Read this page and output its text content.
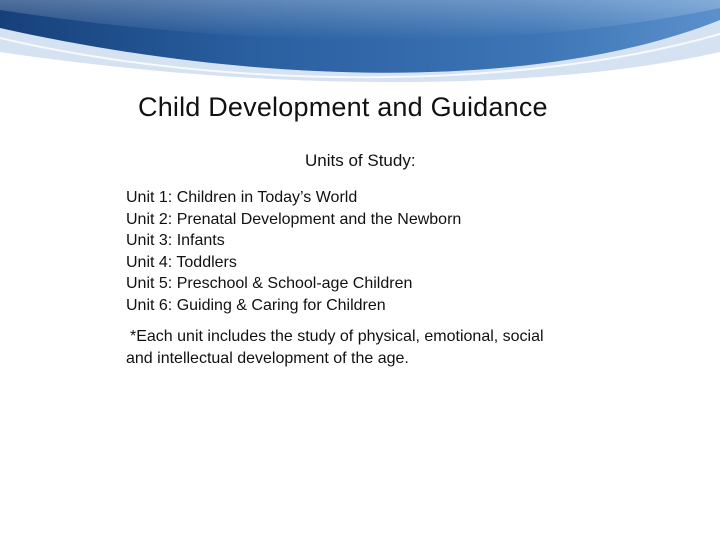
Child Development and Guidance
Units of Study:
Unit 1: Children in Today’s World
Unit 2: Prenatal Development and the Newborn
Unit 3: Infants
Unit 4: Toddlers
Unit 5: Preschool & School-age Children
Unit 6: Guiding & Caring for Children
*Each unit includes the study of physical, emotional, social
and intellectual development of the age.
